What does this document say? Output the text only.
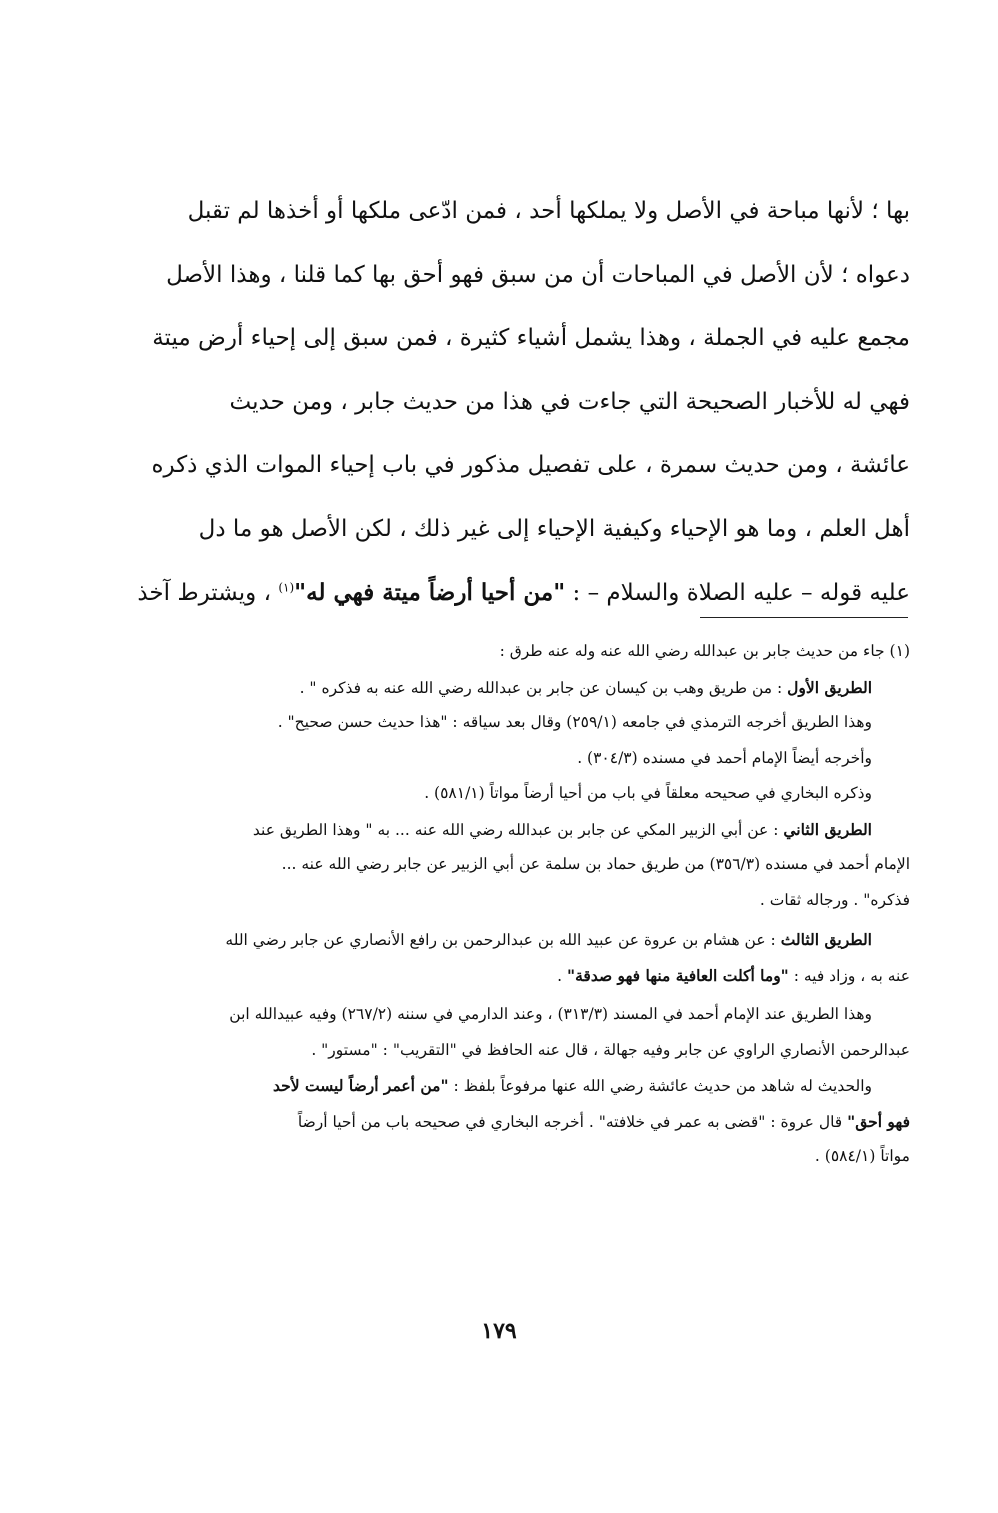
بها ؛ لأنها مباحة في الأصل ولا يملكها أحد ، فمن ادّعى ملكها أو أخذها لم تقبل
دعواه ؛ لأن الأصل في المباحات أن من سبق فهو أحق بها كما قلنا ، وهذا الأصل
مجمع عليه في الجملة ، وهذا يشمل أشياء كثيرة ، فمن سبق إلى إحياء أرض ميتة
فهي له للأخبار الصحيحة التي جاءت في هذا من حديث جابر ، ومن حديث
عائشة ، ومن حديث سمرة ، على تفصيل مذكور في باب إحياء الموات الذي ذكره
أهل العلم ، وما هو الإحياء وكيفية الإحياء إلى غير ذلك ، لكن الأصل هو ما دل
عليه قوله – عليه الصلاة والسلام – : "من أحيا أرضاً ميتة فهي له"$^{(١)}$ ، ويشترط آخذ
(١) جاء من حديث جابر بن عبدالله رضي الله عنه وله عنه طرق :
الطريق الأول : من طريق وهب بن كيسان عن جابر بن عبدالله رضي الله عنه به فذكره " .
وهذا الطريق أخرجه الترمذي في جامعه (٢٥٩/١) وقال بعد سياقه : "هذا حديث حسن صحيح" .
وأخرجه أيضاً الإمام أحمد في مسنده (٣٠٤/٣) .
وذكره البخاري في صحيحه معلقاً في باب من أحيا أرضاً مواتاً (٥٨١/١) .
الطريق الثاني : عن أبي الزبير المكي عن جابر بن عبدالله رضي الله عنه ... به " وهذا الطريق عند
الإمام أحمد في مسنده (٣٥٦/٣) من طريق حماد بن سلمة عن أبي الزبير عن جابر رضي الله عنه ...
فذكره" . ورجاله ثقات .
الطريق الثالث : عن هشام بن عروة عن عبيد الله بن عبدالرحمن بن رافع الأنصاري عن جابر رضي الله
عنه به ، وزاد فيه : "وما أكلت العافية منها فهو صدقة" .
وهذا الطريق عند الإمام أحمد في المسند (٣١٣/٣) ، وعند الدارمي في سننه (٢٦٧/٢) وفيه عبيدالله ابن
عبدالرحمن الأنصاري الراوي عن جابر وفيه جهالة ، قال عنه الحافظ في "التقريب" : "مستور" .
والحديث له شاهد من حديث عائشة رضي الله عنها مرفوعاً بلفظ : "من أعمر أرضاً ليست لأحد
فهو أحق" قال عروة : "قضى به عمر في خلافته" . أخرجه البخاري في صحيحه باب من أحيا أرضاً
مواتاً (٥٨٤/١) .
١٧٩
